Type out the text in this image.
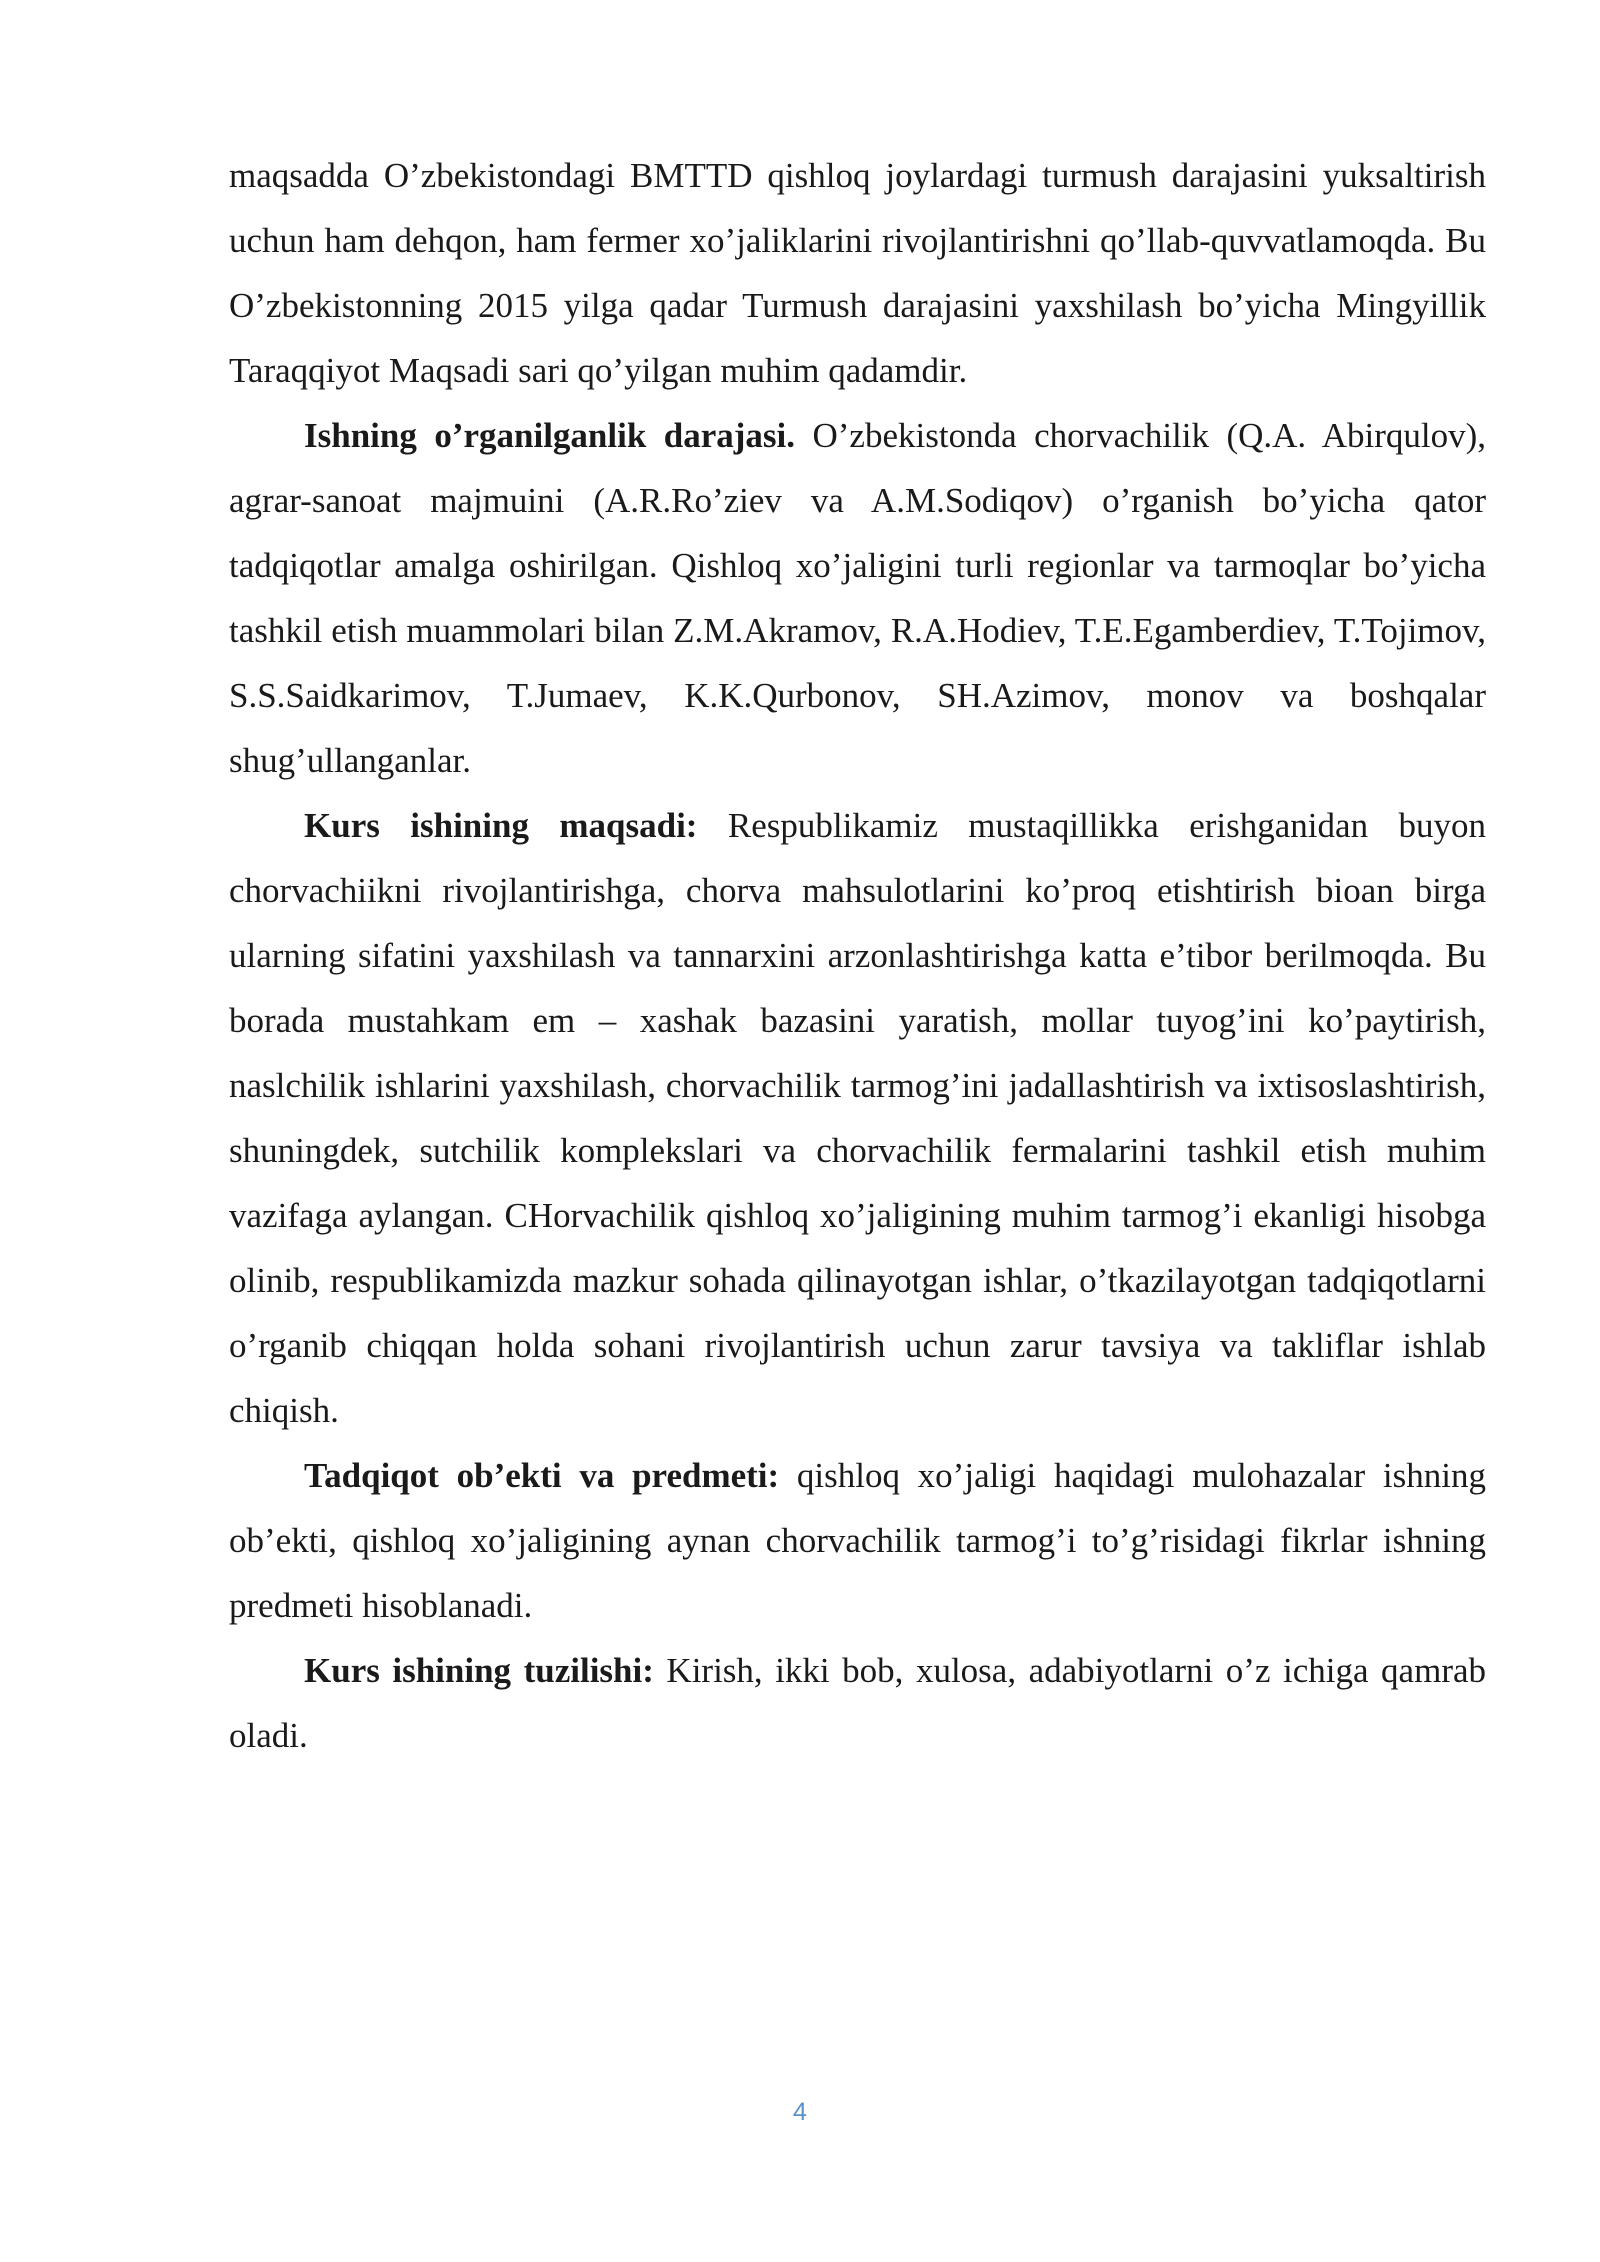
maqsadda O’zbekistondagi BMTTD qishloq joylardagi turmush darajasini yuksaltirish uchun ham dehqon, ham fermer xo’jaliklarini rivojlantirishni qo’llab-quvvatlamoqda. Bu O’zbekistonning 2015 yilga qadar Turmush darajasini yaxshilash bo’yicha Mingyillik Taraqqiyot Maqsadi sari qo’yilgan muhim qadamdir.

Ishning o’rganilganlik darajasi. O’zbekistonda chorvachilik (Q.A. Abirqulov), agrar-sanoat majmuini (A.R.Ro’ziev va A.M.Sodiqov) o’rganish bo’yicha qator tadqiqotlar amalga oshirilgan. Qishloq xo’jaligini turli regionlar va tarmoqlar bo’yicha tashkil etish muammolari bilan Z.M.Akramov, R.A.Hodiev, T.E.Egamberdiev, T.Tojimov, S.S.Saidkarimov, T.Jumaev, K.K.Qurbonov, SH.Azimov, monov va boshqalar shug’ullanganlar.

Kurs ishining maqsadi: Respublikamiz mustaqillikka erishganidan buyon chorvachiikni rivojlantirishga, chorva mahsulotlarini ko’proq etishtirish bioan birga ularning sifatini yaxshilash va tannarxini arzonlashtirishga katta e’tibor berilmoqda. Bu borada mustahkam em – xashak bazasini yaratish, mollar tuyog’ini ko’paytirish, naslchilik ishlarini yaxshilash, chorvachilik tarmog’ini jadallashtirish va ixtisoslashtirish, shuningdek, sutchilik komplekslari va chorvachilik fermalarini tashkil etish muhim vazifaga aylangan. CHorvachilik qishloq xo’jaligining muhim tarmog’i ekanligi hisobga olinib, respublikamizda mazkur sohada qilinayotgan ishlar, o’tkazilayotgan tadqiqotlarni o’rganib chiqqan holda sohani rivojlantirish uchun zarur tavsiya va takliflar ishlab chiqish.

Tadqiqot ob’ekti va predmeti: qishloq xo’jaligi haqidagi mulohazalar ishning ob’ekti, qishloq xo’jaligining aynan chorvachilik tarmog’i to’g’risidagi fikrlar ishning predmeti hisoblanadi.

Kurs ishining tuzilishi: Kirish, ikki bob, xulosa, adabiyotlarni o’z ichiga qamrab oladi.

4
